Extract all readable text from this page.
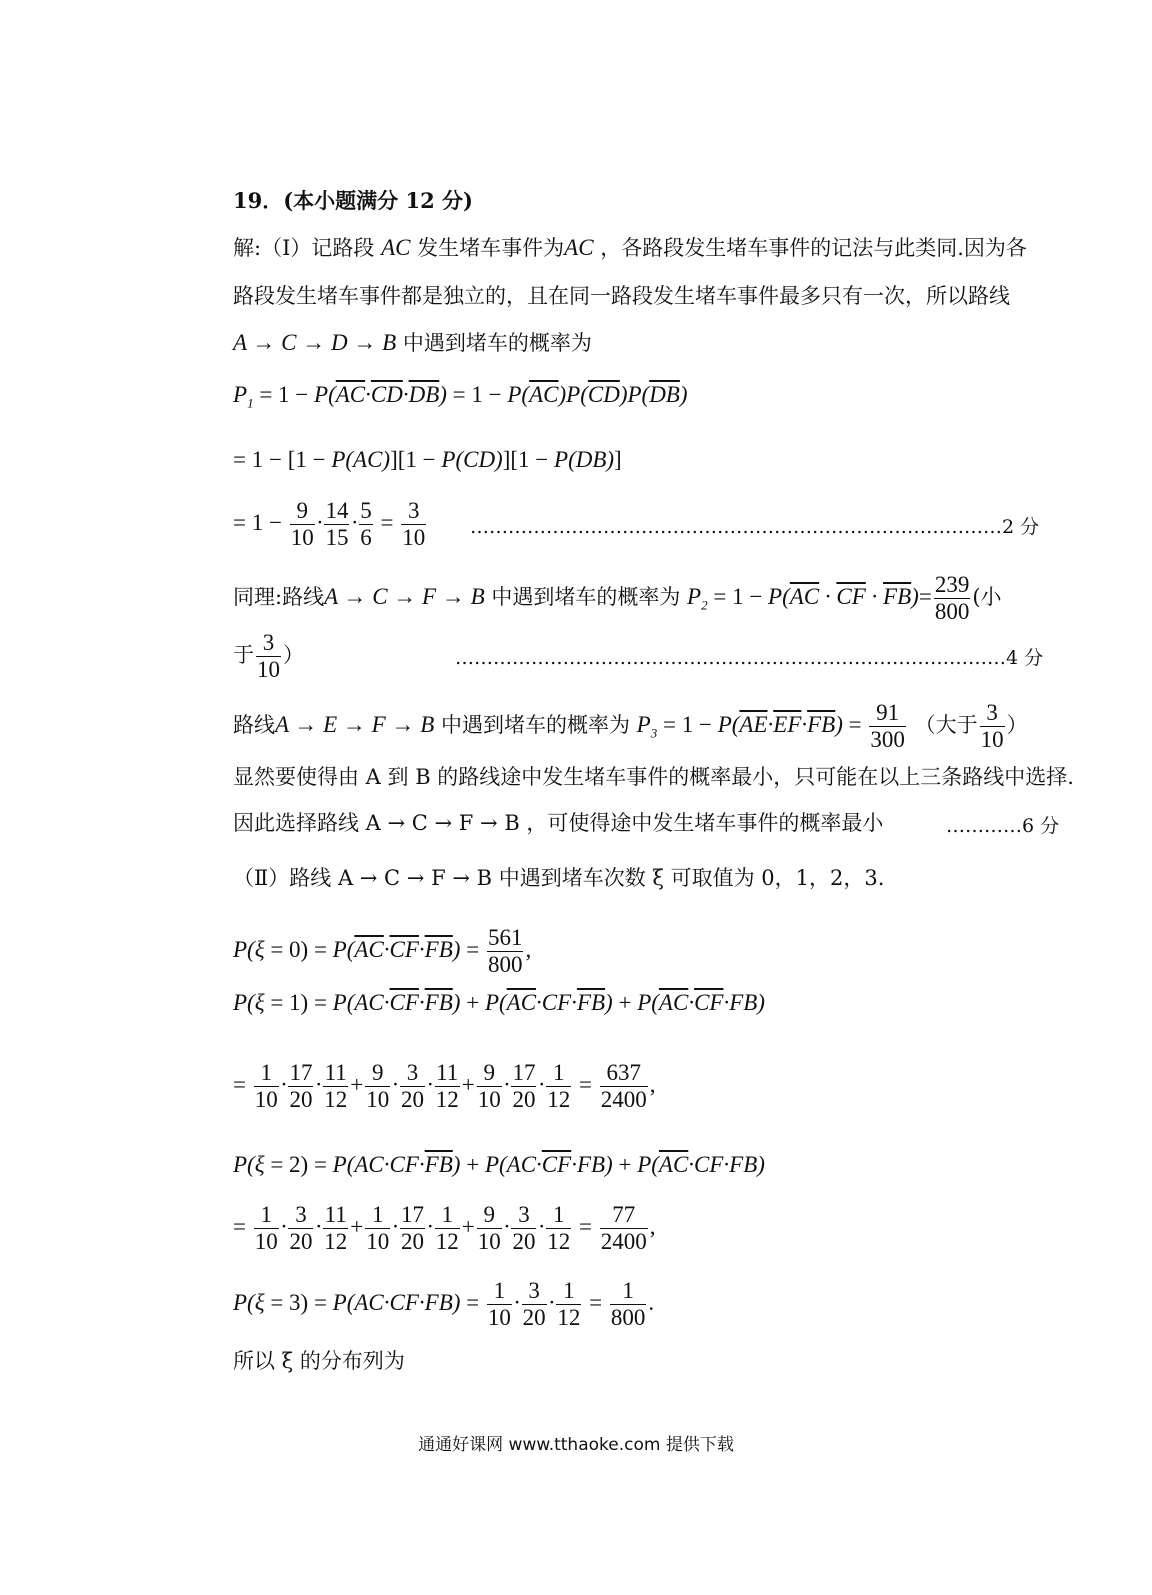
19．(本小题满分 12 分)
解:（Ⅰ）记路段 AC 发生堵车事件为AC ，各路段发生堵车事件的记法与此类同.因为各
路段发生堵车事件都是独立的，且在同一路段发生堵车事件最多只有一次，所以路线
A → C → D → B 中遇到堵车的概率为
$P_1 = 1 - P(\overline{AC}\cdot\overline{CD}\cdot\overline{DB}) = 1 - P(\overline{AC})P(\overline{CD})P(\overline{DB})$
= 1 − [1 − P(AC)][1 − P(CD)][1 − P(DB)]
= $1 - \frac{9}{10} \cdot \frac{14}{15} \cdot \frac{5}{6} = \frac{3}{10}$ …………………………………………………………………………2 分
同理:路线A → C → F → B 中遇到堵车的概率为 $P_2 = 1 - P(\overline{AC} \cdot \overline{CF} \cdot \overline{FB})= \frac{239}{800}$ (小
于 $\frac{3}{10}$ ）	……………………………………………………………………………4 分
路线A → E → F → B 中遇到堵车的概率为 $P_3 = 1 - P(\overline{AE}\cdot\overline{EF}\cdot\overline{FB}) = \frac{91}{300}$ （大于 $\frac{3}{10}$ ）
显然要使得由 A 到 B 的路线途中发生堵车事件的概率最小，只可能在以上三条路线中选择.
因此选择路线 A → C → F → B ，可使得途中发生堵车事件的概率最小	…………6 分
（Ⅱ）路线 A → C → F → B 中遇到堵车次数 ξ 可取值为 0，1，2，3.
$P(\xi = 0) = P(\overline{AC}\cdot\overline{CF}\cdot\overline{FB}) = \frac{561}{800}$ ,
$P(\xi = 1) = P(AC\cdot\overline{CF}\cdot\overline{FB}) + P(\overline{AC}\cdot CF\cdot\overline{FB}) + P(\overline{AC}\cdot\overline{CF}\cdot FB)$
= $\frac{1}{10} \cdot \frac{17}{20} \cdot \frac{11}{12} + \frac{9}{10} \cdot \frac{3}{20} \cdot \frac{11}{12} + \frac{9}{10} \cdot \frac{17}{20} \cdot \frac{1}{12} = \frac{637}{2400}$ ,
$P(\xi = 2) = P(AC\cdot CF\cdot\overline{FB}) + P(AC\cdot\overline{CF}\cdot FB) + P(\overline{AC}\cdot CF\cdot FB)$
= $\frac{1}{10} \cdot \frac{3}{20} \cdot \frac{11}{12} + \frac{1}{10} \cdot \frac{17}{20} \cdot \frac{1}{12} + \frac{9}{10} \cdot \frac{3}{20} \cdot \frac{1}{12} = \frac{77}{2400}$ ,
$P(\xi = 3) = P(AC\cdot CF\cdot FB) = \frac{1}{10} \cdot \frac{3}{20} \cdot \frac{1}{12} = \frac{1}{800}$ .
所以 ξ 的分布列为
通通好课网 www.tthaoke.com 提供下载
